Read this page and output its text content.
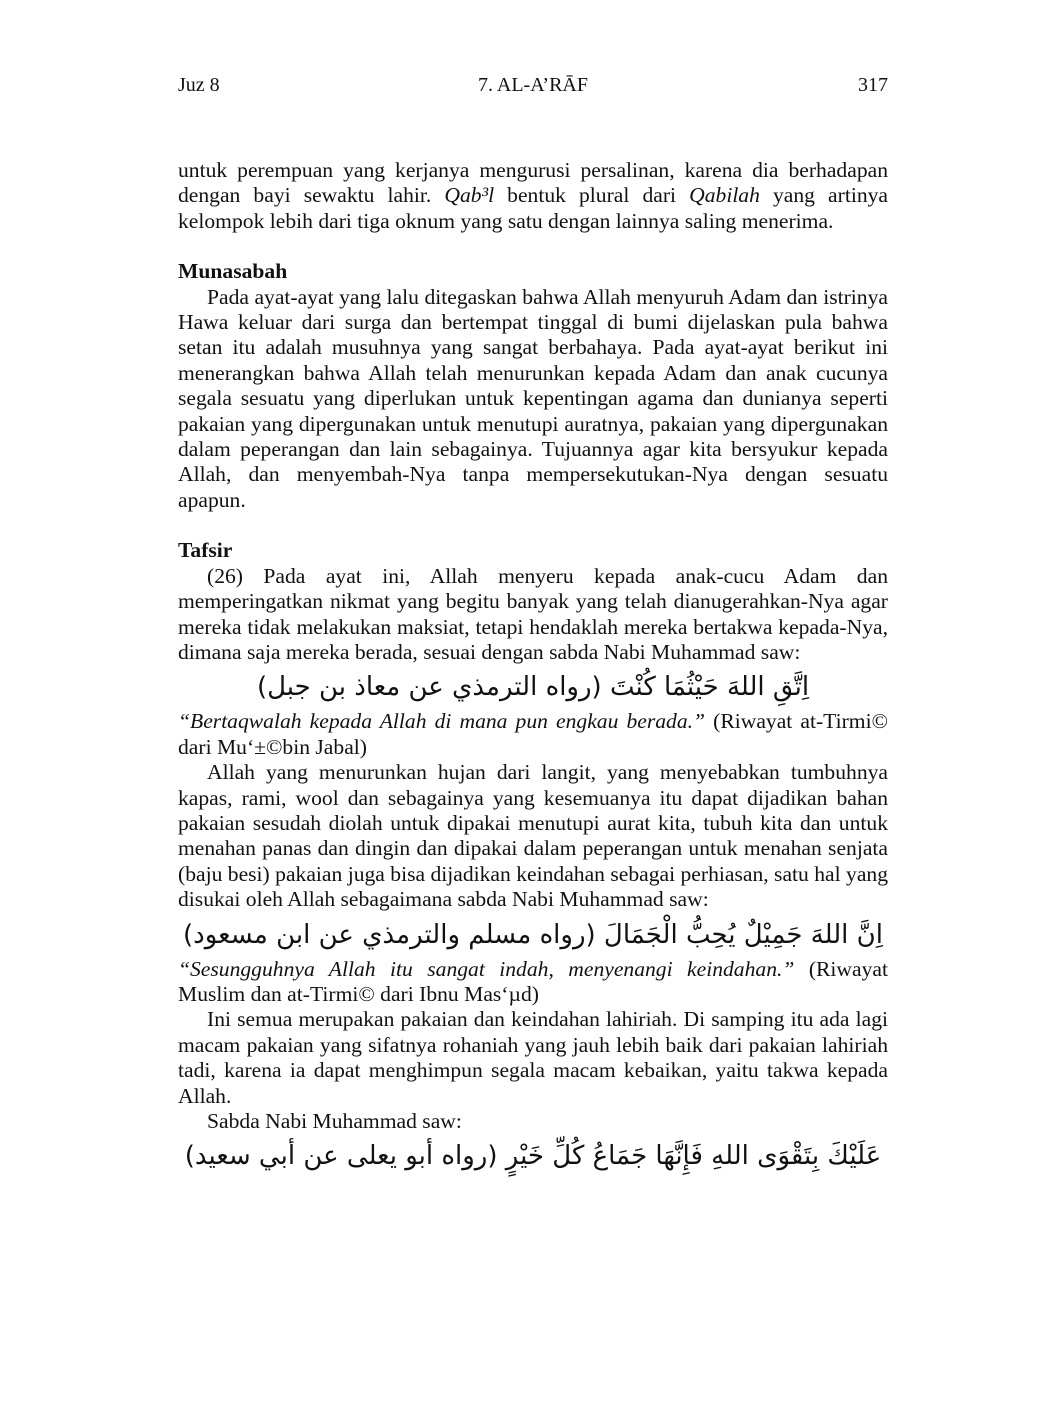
Juz 8	7. AL-A’RĀF	317

untuk perempuan yang kerjanya mengurusi persalinan, karena dia berhadapan dengan bayi sewaktu lahir. Qab³l bentuk plural dari Qabilah yang artinya kelompok lebih dari tiga oknum yang satu dengan lainnya saling menerima.

Munasabah

Pada ayat-ayat yang lalu ditegaskan bahwa Allah menyuruh Adam dan istrinya Hawa keluar dari surga dan bertempat tinggal di bumi dijelaskan pula bahwa setan itu adalah musuhnya yang sangat berbahaya. Pada ayat-ayat berikut ini menerangkan bahwa Allah telah menurunkan kepada Adam dan anak cucunya segala sesuatu yang diperlukan untuk kepentingan agama dan dunianya seperti pakaian yang dipergunakan untuk menutupi auratnya, pakaian yang dipergunakan dalam peperangan dan lain sebagainya. Tujuannya agar kita bersyukur kepada Allah, dan menyembah-Nya tanpa mempersekutukan-Nya dengan sesuatu apapun.

Tafsir

(26) Pada ayat ini, Allah menyeru kepada anak-cucu Adam dan memperingatkan nikmat yang begitu banyak yang telah dianugerahkan-Nya agar mereka tidak melakukan maksiat, tetapi hendaklah mereka bertakwa kepada-Nya, dimana saja mereka berada, sesuai dengan sabda Nabi Muhammad saw:

اِتَّقِ اللهَ حَيْثُمَا كُنْتَ (رواه الترمذي عن معاذ بن جبل)

“Bertaqwalah kepada Allah di mana pun engkau berada.” (Riwayat at-Tirmi© dari Mu‘±©bin Jabal)

Allah yang menurunkan hujan dari langit, yang menyebabkan tumbuhnya kapas, rami, wool dan sebagainya yang kesemuanya itu dapat dijadikan bahan pakaian sesudah diolah untuk dipakai menutupi aurat kita, tubuh kita dan untuk menahan panas dan dingin dan dipakai dalam peperangan untuk menahan senjata (baju besi) pakaian juga bisa dijadikan keindahan sebagai perhiasan, satu hal yang disukai oleh Allah sebagaimana sabda Nabi Muhammad saw:

اِنَّ اللهَ جَمِيْلٌ يُحِبُّ الْجَمَالَ (رواه مسلم والترمذي عن ابن مسعود)

“Sesungguhnya Allah itu sangat indah, menyenangi keindahan.” (Riwayat Muslim dan at-Tirmi© dari Ibnu Mas‘µd)

Ini semua merupakan pakaian dan keindahan lahiriah. Di samping itu ada lagi macam pakaian yang sifatnya rohaniah yang jauh lebih baik dari pakaian lahiriah tadi, karena ia dapat menghimpun segala macam kebaikan, yaitu takwa kepada Allah.

Sabda Nabi Muhammad saw:

عَلَيْكَ بِتَقْوَى اللهِ فَإِنَّهَا جَمَاعُ كُلِّ خَيْرٍ (رواه أبو يعلى عن أبي سعيد)
